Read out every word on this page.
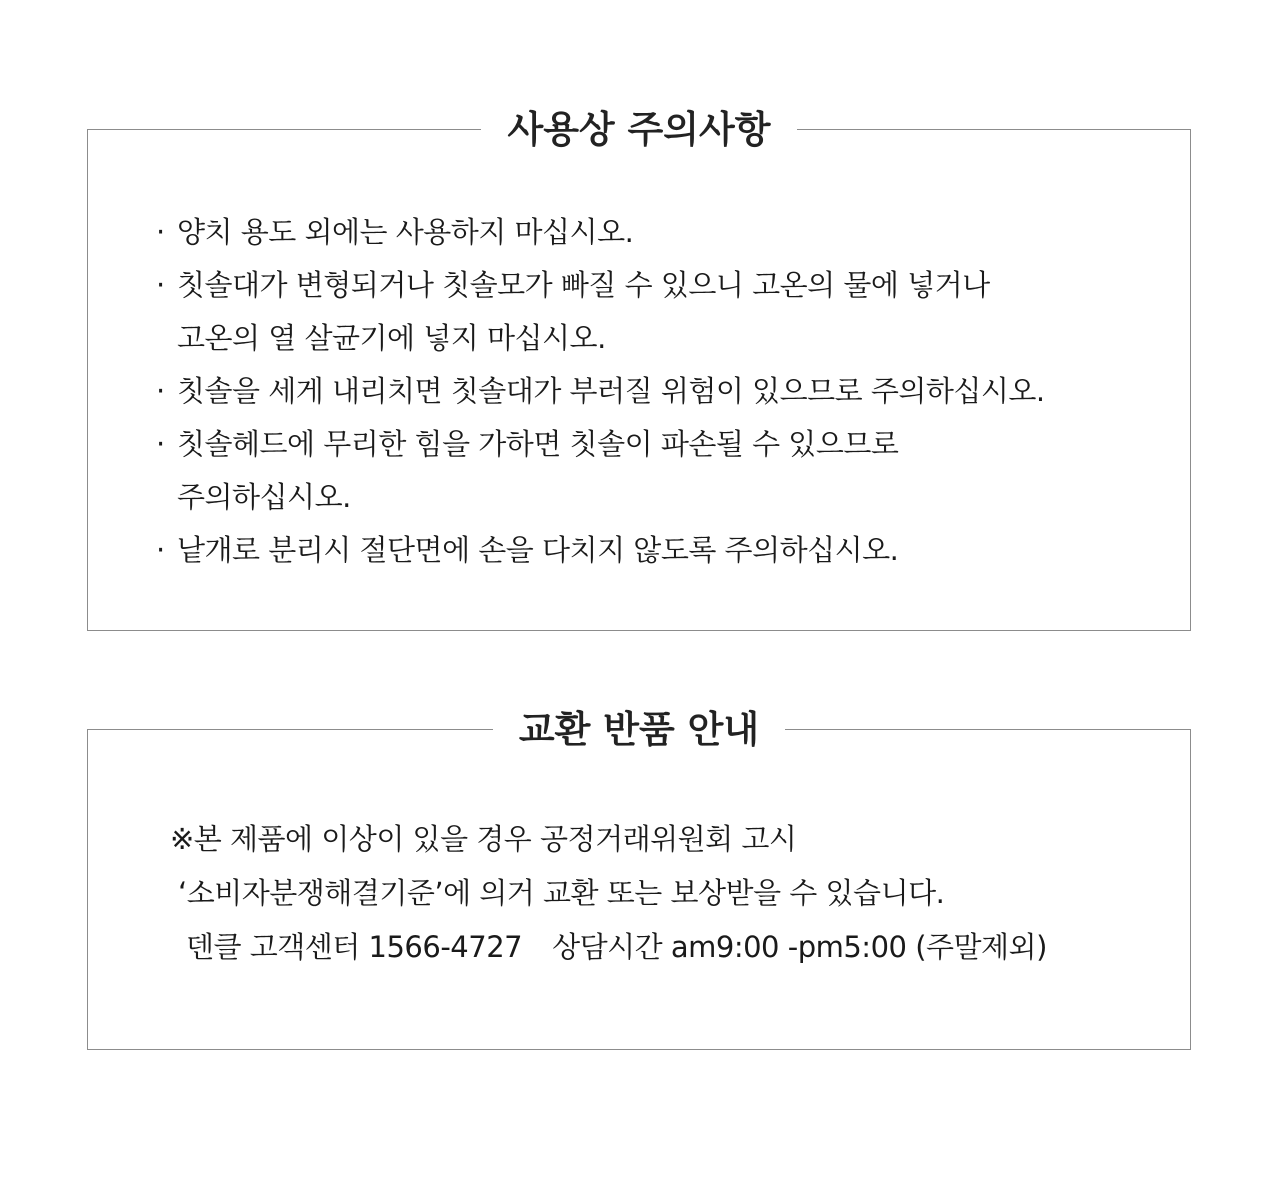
사용상 주의사항
· 양치 용도 외에는 사용하지 마십시오.
· 칫솔대가 변형되거나 칫솔모가 빠질 수 있으니 고온의 물에 넣거나
고온의 열 살균기에 넣지 마십시오.
· 칫솔을 세게 내리치면 칫솔대가 부러질 위험이 있으므로 주의하십시오.
· 칫솔헤드에 무리한 힘을 가하면 칫솔이 파손될 수 있으므로
주의하십시오.
· 낱개로 분리시 절단면에 손을 다치지 않도록 주의하십시오.
교환 반품 안내
※본 제품에 이상이 있을 경우 공정거래위원회 고시
‘소비자분쟁해결기준’에 의거 교환 또는 보상받을 수 있습니다.
덴클 고객센터 1566-4727 상담시간 am9:00 -pm5:00 (주말제외)
